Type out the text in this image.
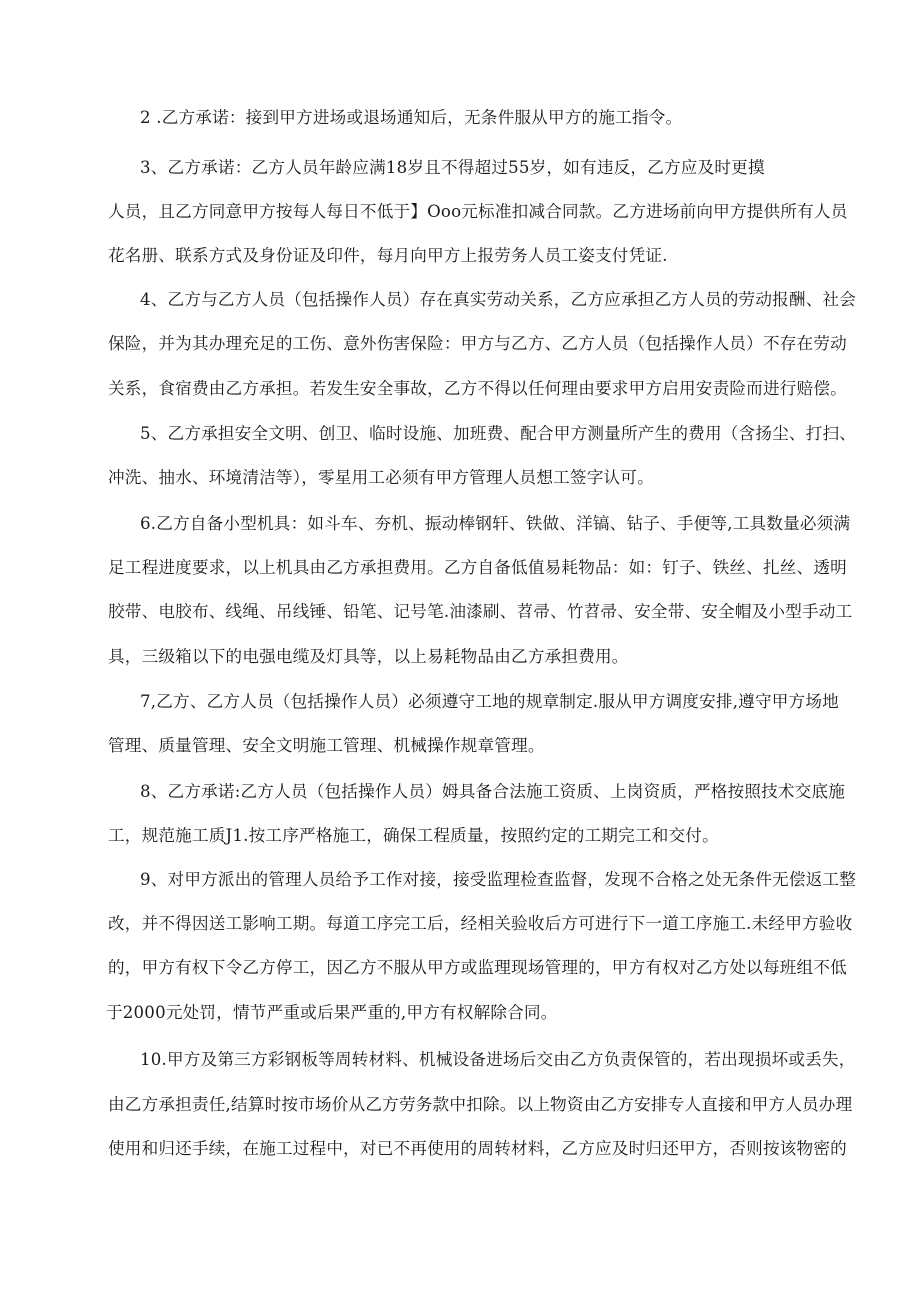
2 .乙方承诺：接到甲方进场或退场通知后，无条件服从甲方的施工指令。
3、乙方承诺：乙方人员年龄应满18岁且不得超过55岁，如有违反，乙方应及时更摸
人员，且乙方同意甲方按每人每日不低于】Ooo元标准扣减合同款。乙方进场前向甲方提供所有人员
花名册、联系方式及身份证及印件，每月向甲方上报劳务人员工姿支付凭证.
4、乙方与乙方人员（包括操作人员）存在真实劳动关系，乙方应承担乙方人员的劳动报酬、社会
保险，并为其办理充足的工伤、意外伤害保险：甲方与乙方、乙方人员（包括操作人员）不存在劳动
关系，食宿费由乙方承担。若发生安全事故，乙方不得以任何理由要求甲方启用安责险而进行赔偿。
5、乙方承担安全文明、创卫、临时设施、加班费、配合甲方测量所产生的费用（含扬尘、打扫、
冲洗、抽水、环境清洁等），零星用工必须有甲方管理人员想工签字认可。
6.乙方自备小型机具：如斗车、夯机、振动棒钢轩、铁做、洋镐、钻子、手便等,工具数量必须满
足工程进度要求，以上机具由乙方承担费用。乙方自备低值易耗物品：如：钉子、铁丝、扎丝、透明
胶带、电胶布、线绳、吊线锤、铅笔、记号笔.油漆刷、苕帚、竹苕帚、安全带、安全帽及小型手动工
具，三级箱以下的电强电缆及灯具等，以上易耗物品由乙方承担费用。
7,乙方、乙方人员（包括操作人员）必须遵守工地的规章制定.服从甲方调度安排,遵守甲方场地
管理、质量管理、安全文明施工管理、机械操作规章管理。
8、乙方承诺:乙方人员（包括操作人员）姆具备合法施工资质、上岗资质，严格按照技术交底施
工，规范施工质J1.按工序严格施工，确保工程质量，按照约定的工期完工和交付。
9、对甲方派出的管理人员给予工作对接，接受监理检查监督，发现不合格之处无条件无偿返工整
改，并不得因送工影响工期。每道工序完工后，经相关验收后方可进行下一道工序施工.未经甲方验收
的，甲方有权下令乙方停工，因乙方不服从甲方或监理现场管理的，甲方有权对乙方处以每班组不低
于2000元处罚，情节严重或后果严重的,甲方有权解除合同。
10.甲方及第三方彩钢板等周转材料、机械设备进场后交由乙方负责保管的，若出现损坏或丢失，
由乙方承担责任,结算时按市场价从乙方劳务款中扣除。以上物资由乙方安排专人直接和甲方人员办理
使用和归还手续，在施工过程中，对已不再使用的周转材料，乙方应及时归还甲方，否则按该物密的
